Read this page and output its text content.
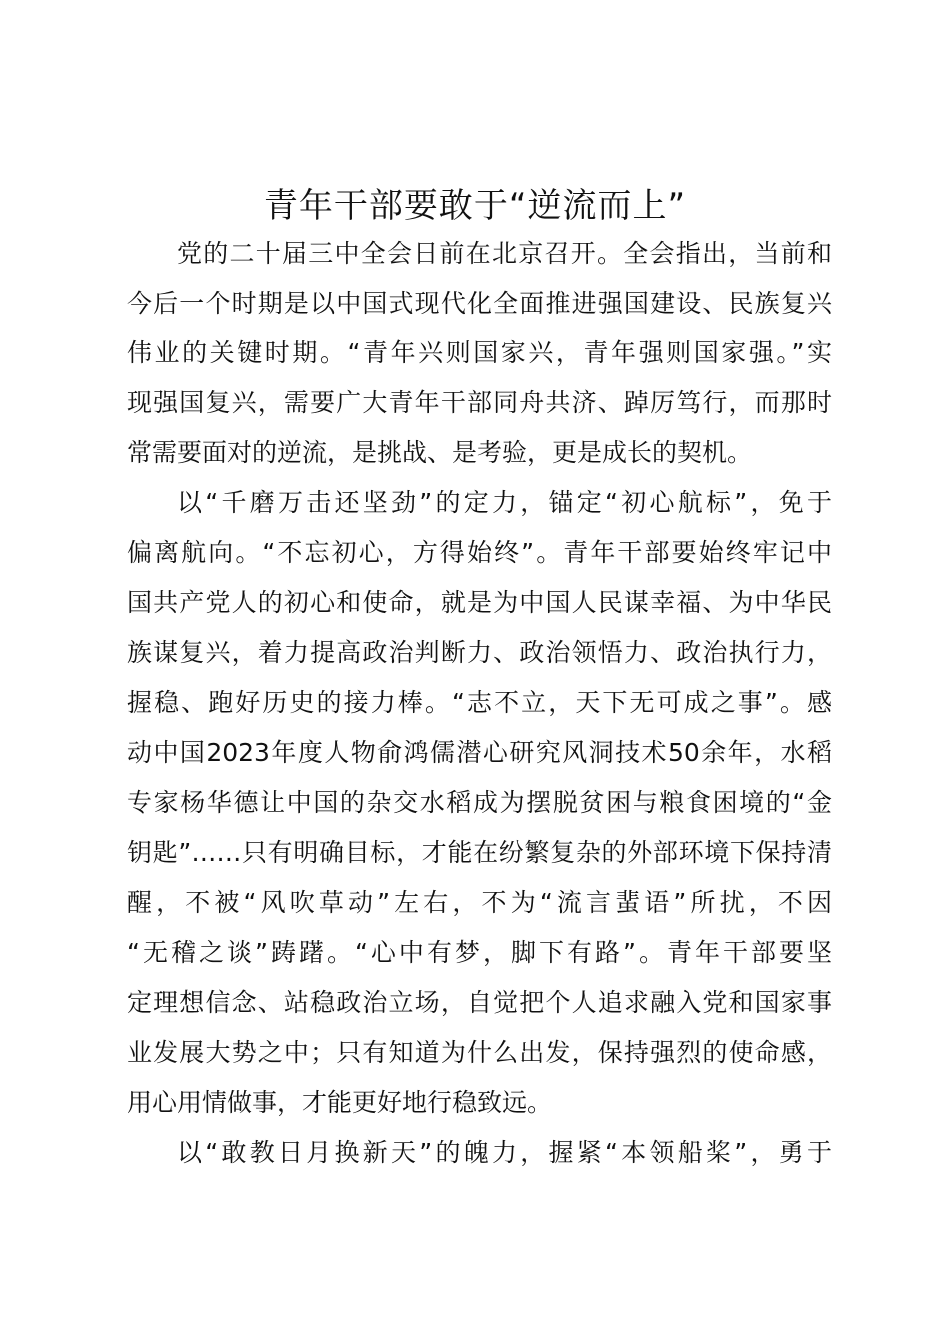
青年干部要敢于“逆流而上”

党的二十届三中全会日前在北京召开。全会指出，当前和

今后一个时期是以中国式现代化全面推进强国建设、民族复兴

伟业的关键时期。“青年兴则国家兴，青年强则国家强。”实

现强国复兴，需要广大青年干部同舟共济、踔厉笃行，而那时

常需要面对的逆流，是挑战、是考验，更是成长的契机。

以“千磨万击还坚劲”的定力，锚定“初心航标”，免于

偏离航向。“不忘初心，方得始终”。青年干部要始终牢记中

国共产党人的初心和使命，就是为中国人民谋幸福、为中华民

族谋复兴，着力提高政治判断力、政治领悟力、政治执行力，

握稳、跑好历史的接力棒。“志不立，天下无可成之事”。感

动中国2023年度人物俞鸿儒潜心研究风洞技术50余年，水稻

专家杨华德让中国的杂交水稻成为摆脱贫困与粮食困境的“金

钥匙”……只有明确目标，才能在纷繁复杂的外部环境下保持清

醒，不被“风吹草动”左右，不为“流言蜚语”所扰，不因

“无稽之谈”踌躇。“心中有梦，脚下有路”。青年干部要坚

定理想信念、站稳政治立场，自觉把个人追求融入党和国家事

业发展大势之中；只有知道为什么出发，保持强烈的使命感，

用心用情做事，才能更好地行稳致远。

以“敢教日月换新天”的魄力，握紧“本领船桨”，勇于
